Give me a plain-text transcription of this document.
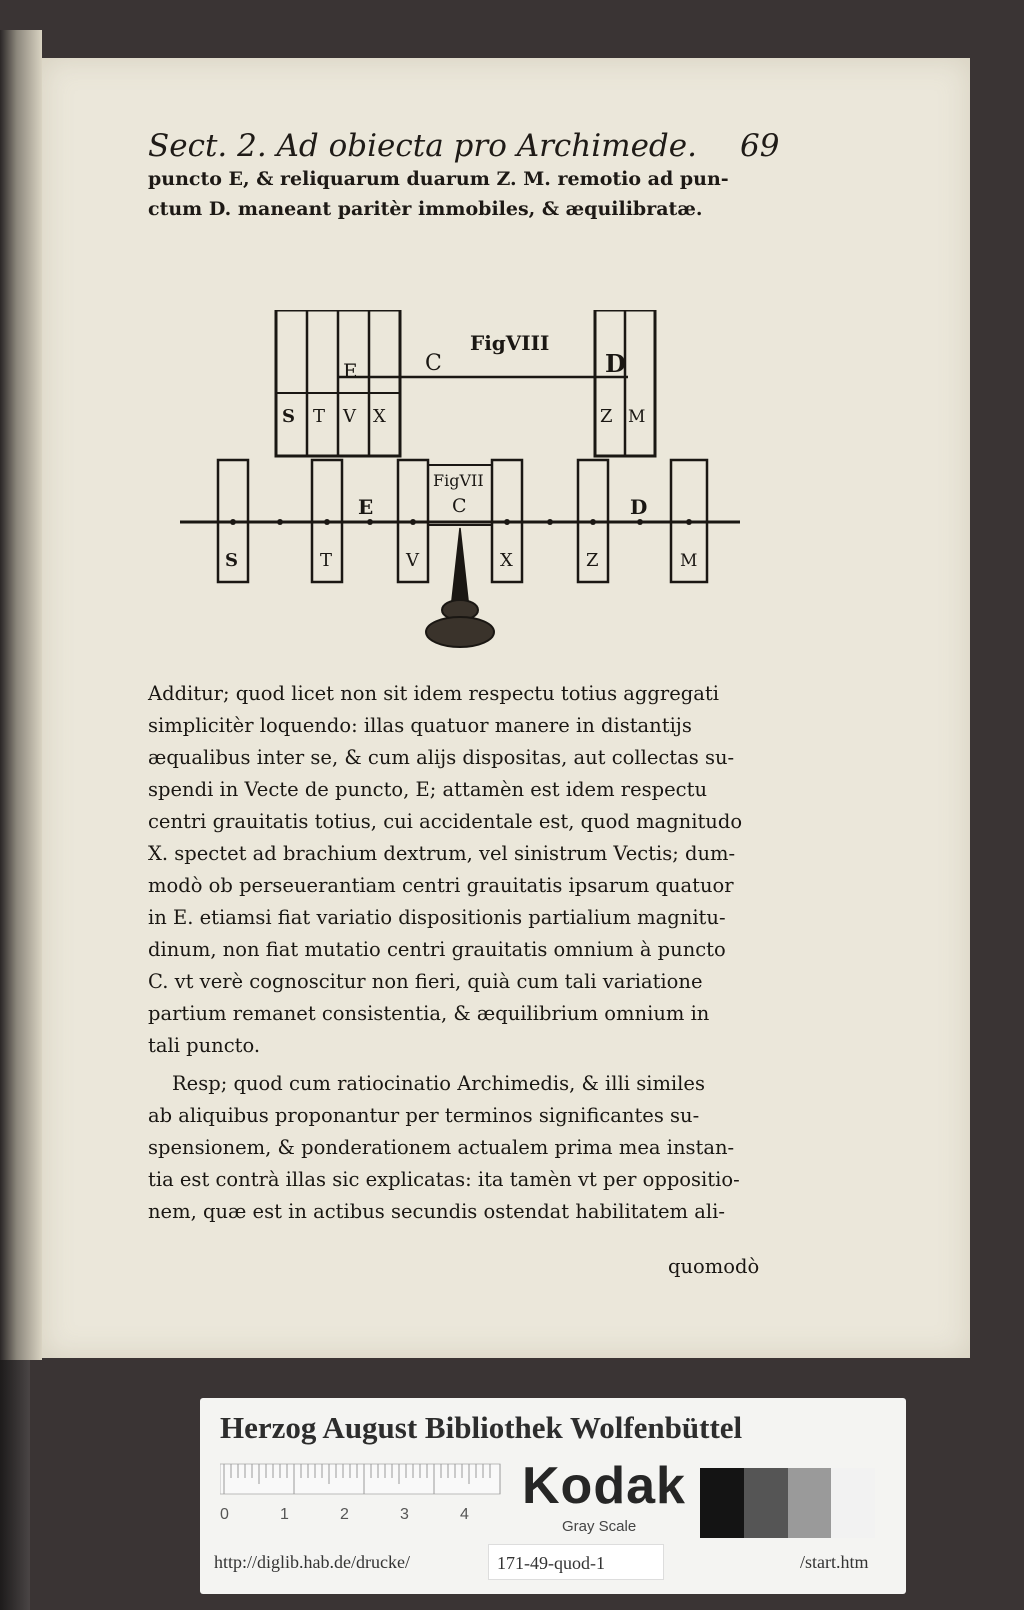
Sect. 2. Ad obiecta pro Archimede. 69
puncto E, & reliquarum duarum Z. M. remotio ad pun-
ctum D. maneant paritèr immobiles, & æquilibratæ.
E	C
FigVIII
D
S T V X	Z M
FigVII
C
E	D
S	T	V	X	Z	M
Additur; quod licet non sit idem respectu totius aggregati
simplicitèr loquendo: illas quatuor manere in distantijs
æqualibus inter se, & cum alijs dispositas, aut collectas su-
spendi in Vecte de puncto, E; attamèn est idem respectu
centri grauitatis totius, cui accidentale est, quod magnitudo
X. spectet ad brachium dextrum, vel sinistrum Vectis; dum-
modò ob perseuerantiam centri grauitatis ipsarum quatuor
in E. etiamsi fiat variatio dispositionis partialium magnitu-
dinum, non fiat mutatio centri grauitatis omnium à puncto
C. vt verè cognoscitur non fieri, quià cum tali variatione
partium remanet consistentia, & æquilibrium omnium in
tali puncto.
Resp; quod cum ratiocinatio Archimedis, & illi similes
ab aliquibus proponantur per terminos significantes su-
spensionem, & ponderationem actualem prima mea instan-
tia est contrà illas sic explicatas: ita tamèn vt per oppositio-
nem, quæ est in actibus secundis ostendat habilitatem ali-
quomodò
Herzog August Bibliothek Wolfenbüttel
0	1	2	3	4 Kodak
Gray Scale
http://diglib.hab.de/drucke/	171-49-quod-1	/start.htm
